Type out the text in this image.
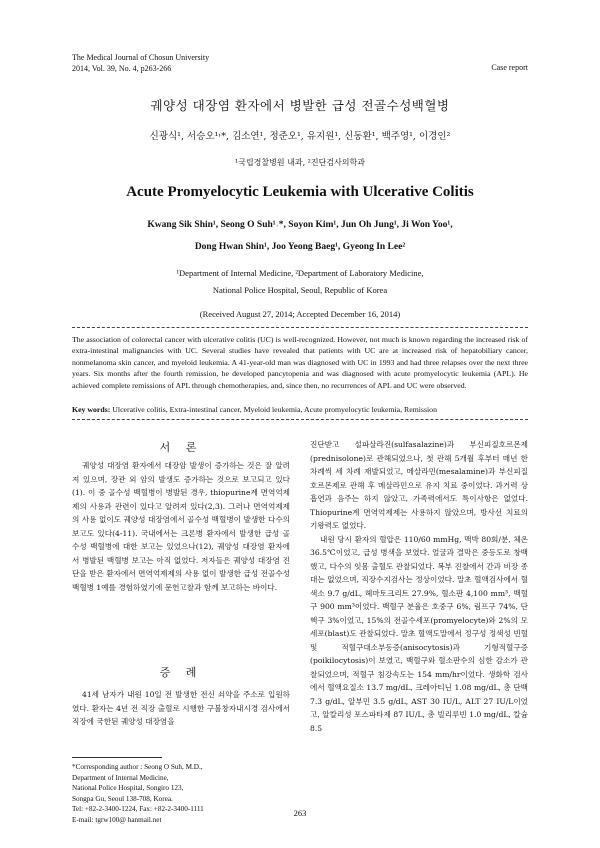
The Medical Journal of Chosun University
2014, Vol. 39, No. 4, p263-266	Case report
궤양성 대장염 환자에서 병발한 급성 전골수성백혈병
신광식¹, 서승오¹˒*, 김소연¹, 정준오¹, 유지원¹, 신동환¹, 백주영¹, 이경인²
¹국립경찰병원 내과, ²진단검사의학과
Acute Promyelocytic Leukemia with Ulcerative Colitis
Kwang Sik Shin¹, Seong O Suh¹˒*, Soyon Kim¹, Jun Oh Jung¹, Ji Won Yoo¹,
Dong Hwan Shin¹, Joo Yeong Baeg¹, Gyeong In Lee²
¹Department of Internal Medicine, ²Department of Laboratory Medicine,
National Police Hospital, Seoul, Republic of Korea
(Received August 27, 2014; Accepted December 16, 2014)
The association of colorectal cancer with ulcerative colitis (UC) is well-recognized. However, not much is known regarding the increased risk of extra-intestinal malignancies with UC. Several studies have revealed that patients with UC are at increased risk of hepatobiliary cancer, nonmelanoma skin cancer, and myeloid leukemia. A 41-year-old man was diagnosed with UC in 1993 and had three relapses over the next three years. Six months after the fourth remission, he developed pancytopenia and was diagnosed with acute promyelocytic leukemia (APL). He achieved complete remissions of APL through chemotherapies, and, since then, no recurrences of APL and UC were observed.
Key words: Ulcerative colitis, Extra-intestinal cancer, Myeloid leukemia, Acute promyelocytic leukemia, Remission
서 론

궤양성 대장염 환자에서 대장암 발생이 증가하는 것은 잘 알려져 있으며, 장관 외 암의 발생도 증가하는 것으로 보고되고 있다(1). 이 중 골수성 백혈병이 병발된 경우, thiopurine계 면역억제제의 사용과 관련이 있다고 알려져 있다(2,3). 그러나 면역억제제의 사용 없이도 궤양성 대장염에서 골수성 백혈병이 발생한 다수의 보고도 있다(4-11). 국내에서는 크론병 환자에서 발생한 급성 골수성 백혈병에 대한 보고는 있었으나(12), 궤양성 대장염 환자에서 병발된 백혈병 보고는 아직 없었다. 저자들은 궤양성 대장염 진단을 받은 환자에서 면역억제제의 사용 없이 발생한 급성 전골수성 백혈병 1예를 경험하였기에 문헌고찰과 함께 보고하는 바이다.

증 례

41세 남자가 내원 10일 전 발생한 전신 쇠약을 주소로 입원하였다. 환자는 4년 전 직장 출혈로 시행한 구불창자내시경 검사에서 직장에 국한된 궤양성 대장염을

진단받고 설파살라진(sulfasalazine)과 부신피질호르몬제(prednisolone)로 관해되었으나, 첫 관해 5개월 후부터 매년 한 차례씩 세 차례 재발되었고, 메살라민(mesalamine)과 부신피질호르몬제로 관해 후 메살라민으로 유지 치료 중이었다. 과거력 상 흡연과 음주는 하지 않았고, 가족력에서도 특이사항은 없었다. Thiopurine계 면역억제제는 사용하지 않았으며, 방사선 치료의 기왕력도 없었다.

내원 당시 환자의 혈압은 110/60 mmHg, 맥박 80회/분, 체온 36.5℃이었고, 급성 병색을 보였다. 얼굴과 결막은 중등도로 창백했고, 다수의 잇몸 출혈도 관찰되었다. 복부 진찰에서 간과 비장 종대는 없었으며, 직장수지검사는 정상이었다. 말초 혈액검사에서 혈색소 9.7 g/dL, 헤마토크리트 27.9%, 혈소판 4,100 mm³, 백혈구 900 mm³이었다. 백혈구 분율은 호중구 6%, 림프구 74%, 단핵구 3%이었고, 15%의 전골수세포(promyelocyte)와 2%의 모세포(blast)도 관찰되었다. 말초 혈액도말에서 정구성 정색성 빈혈 및 적혈구대소부동증(anisocytosis)과 기형적혈구증(poikilocytosis)이 보였고, 백혈구와 혈소판수의 심한 감소가 관찰되었으며, 적혈구 침강속도는 154 mm/hr이었다. 생화학 검사에서 혈액요질소 13.7 mg/dL, 크레아티닌 1.08 mg/dL, 총 단백 7.3 g/dL, 알부민 3.5 g/dL, AST 30 IU/L, ALT 27 IU/L이었고, 알칼리성 포스파타제 87 IU/L, 총 빌리루빈 1.0 mg/dL, 칼슘 8.5

*Corresponding author : Seong O Suh, M.D.,
Department of Internal Medicine,
National Police Hospital, Songiro 123,
Songpa Gu, Seoul 138-708, Korea.
Tel: +82-2-3400-1224, Fax: +82-2-3400-1111
E-mail: tgrw100@ hanmail.net
263
